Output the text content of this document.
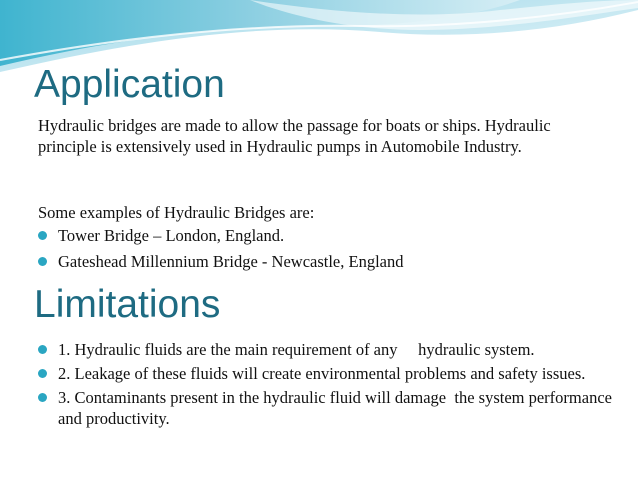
Application

Hydraulic bridges are made to allow the passage for boats or ships. Hydraulic principle is extensively used in Hydraulic pumps in Automobile Industry.

Some examples of Hydraulic Bridges are:

Tower Bridge – London, England.
Gateshead Millennium Bridge - Newcastle, England
Limitations
1. Hydraulic fluids are the main requirement of any     hydraulic system.
2. Leakage of these fluids will create environmental problems and safety issues.
3. Contaminants present in the hydraulic fluid will damage  the system performance and productivity.
